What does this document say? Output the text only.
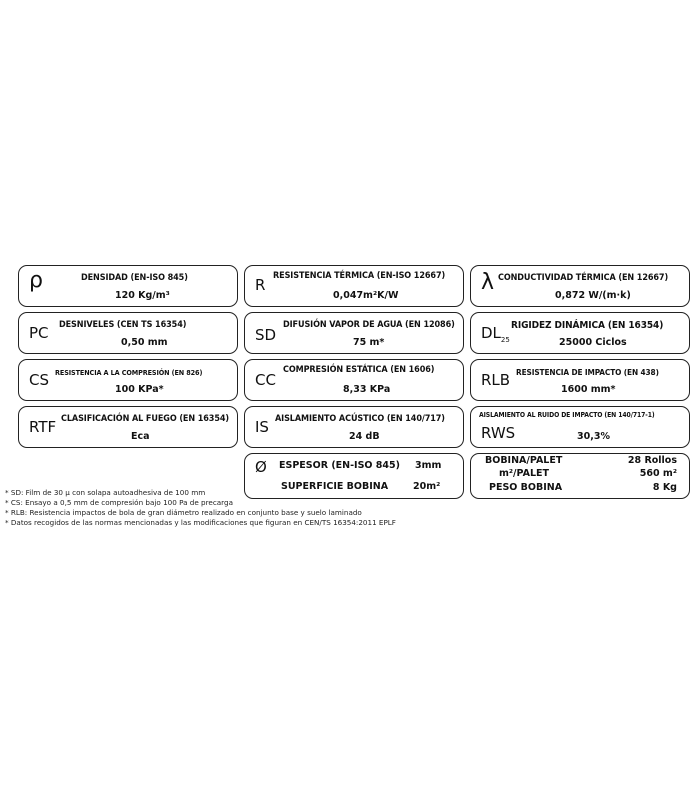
ρ	DENSIDAD (EN-ISO 845)
120 Kg/m³
R RESISTENCIA TÉRMICA (EN-ISO 12667)
0,047m²K/W
λ CONDUCTIVIDAD TÉRMICA (EN 12667)
0,872 W/(m·k)
PC DESNIVELES (CEN TS 16354)
0,50 mm	SD
DIFUSIÓN VAPOR DE AGUA (EN 12086)
75 m*
$DL_{25}$
RIGIDEZ DINÁMICA (EN 16354)
25000 Ciclos
CS RESISTENCIA A LA COMPRESIÓN (EN 826)
100 KPa*
CC
COMPRESIÓN ESTÁTICA (EN 1606)
8,33 KPa
RLB RESISTENCIA DE IMPACTO (EN 438)
1600 mm*
RTF CLASIFICACIÓN AL FUEGO (EN 16354)
Eca
IS AISLAMIENTO ACÚSTICO (EN 140/717)
24 dB	RWS
AISLAMIENTO AL RUIDO DE IMPACTO (EN 140/717-1)
30,3%
Ø ESPESOR (EN-ISO 845) 3mm
SUPERFICIE BOBINA	20m²
BOBINA/PALET	28 Rollos
m²/PALET	560 m²
PESO BOBINA	8 Kg
* SD: Film de 30 µ con solapa autoadhesiva de 100 mm
* CS: Ensayo a 0,5 mm de compresión bajo 100 Pa de precarga
* RLB: Resistencia impactos de bola de gran diámetro realizado en conjunto base y suelo laminado
* Datos recogidos de las normas mencionadas y las modificaciones que figuran en CEN/TS 16354:2011 EPLF
